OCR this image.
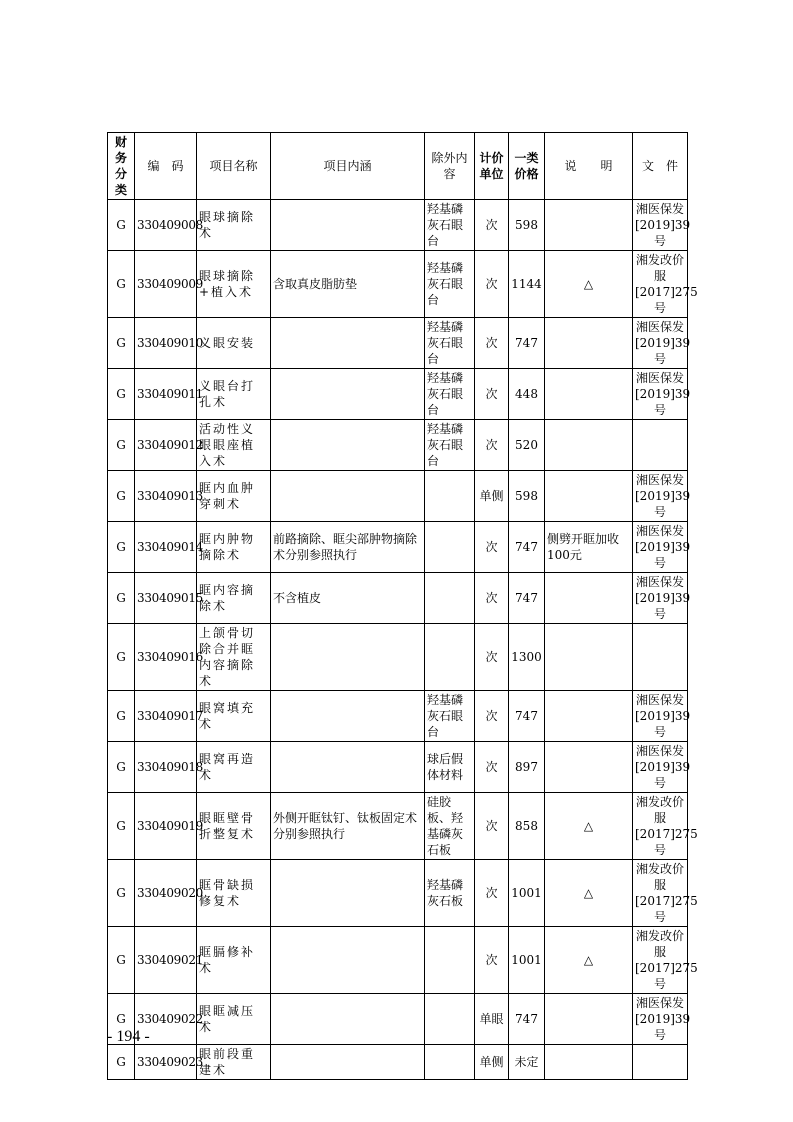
财务分类	编　码	项目名称	项目内涵	除外内容	计价单位	一类价格	说　　明	文　件
G	330409008	眼球摘除术		羟基磷灰石眼台	次	598		湘医保发[2019]39号
G	330409009	眼球摘除+植入术	含取真皮脂肪垫	羟基磷灰石眼台	次	1144	△	湘发改价服[2017]275号
G	330409010	义眼安装		羟基磷灰石眼台	次	747		湘医保发[2019]39号
G	330409011	义眼台打孔术		羟基磷灰石眼台	次	448		湘医保发[2019]39号
G	330409012	活动性义眼眼座植入术		羟基磷灰石眼台	次	520		
G	330409013	眶内血肿穿刺术			单侧	598		湘医保发[2019]39号
G	330409014	眶内肿物摘除术	前路摘除、眶尖部肿物摘除术分别参照执行		次	747	侧劈开眶加收100元	湘医保发[2019]39号
G	330409015	眶内容摘除术	不含植皮		次	747		湘医保发[2019]39号
G	330409016	上颌骨切除合并眶内容摘除术			次	1300		
G	330409017	眼窝填充术		羟基磷灰石眼台	次	747		湘医保发[2019]39号
G	330409018	眼窝再造术		球后假体材料	次	897		湘医保发[2019]39号
G	330409019	眼眶壁骨折整复术	外侧开眶钛钉、钛板固定术分别参照执行	硅胶板、羟基磷灰石板	次	858	△	湘发改价服[2017]275号
G	330409020	眶骨缺损修复术		羟基磷灰石板	次	1001	△	湘发改价服[2017]275号
G	330409021	眶膈修补术			次	1001	△	湘发改价服[2017]275号
G	330409022	眼眶减压术			单眼	747		湘医保发[2019]39号
G	330409023	眼前段重建术			单侧	未定		
- 194 -
